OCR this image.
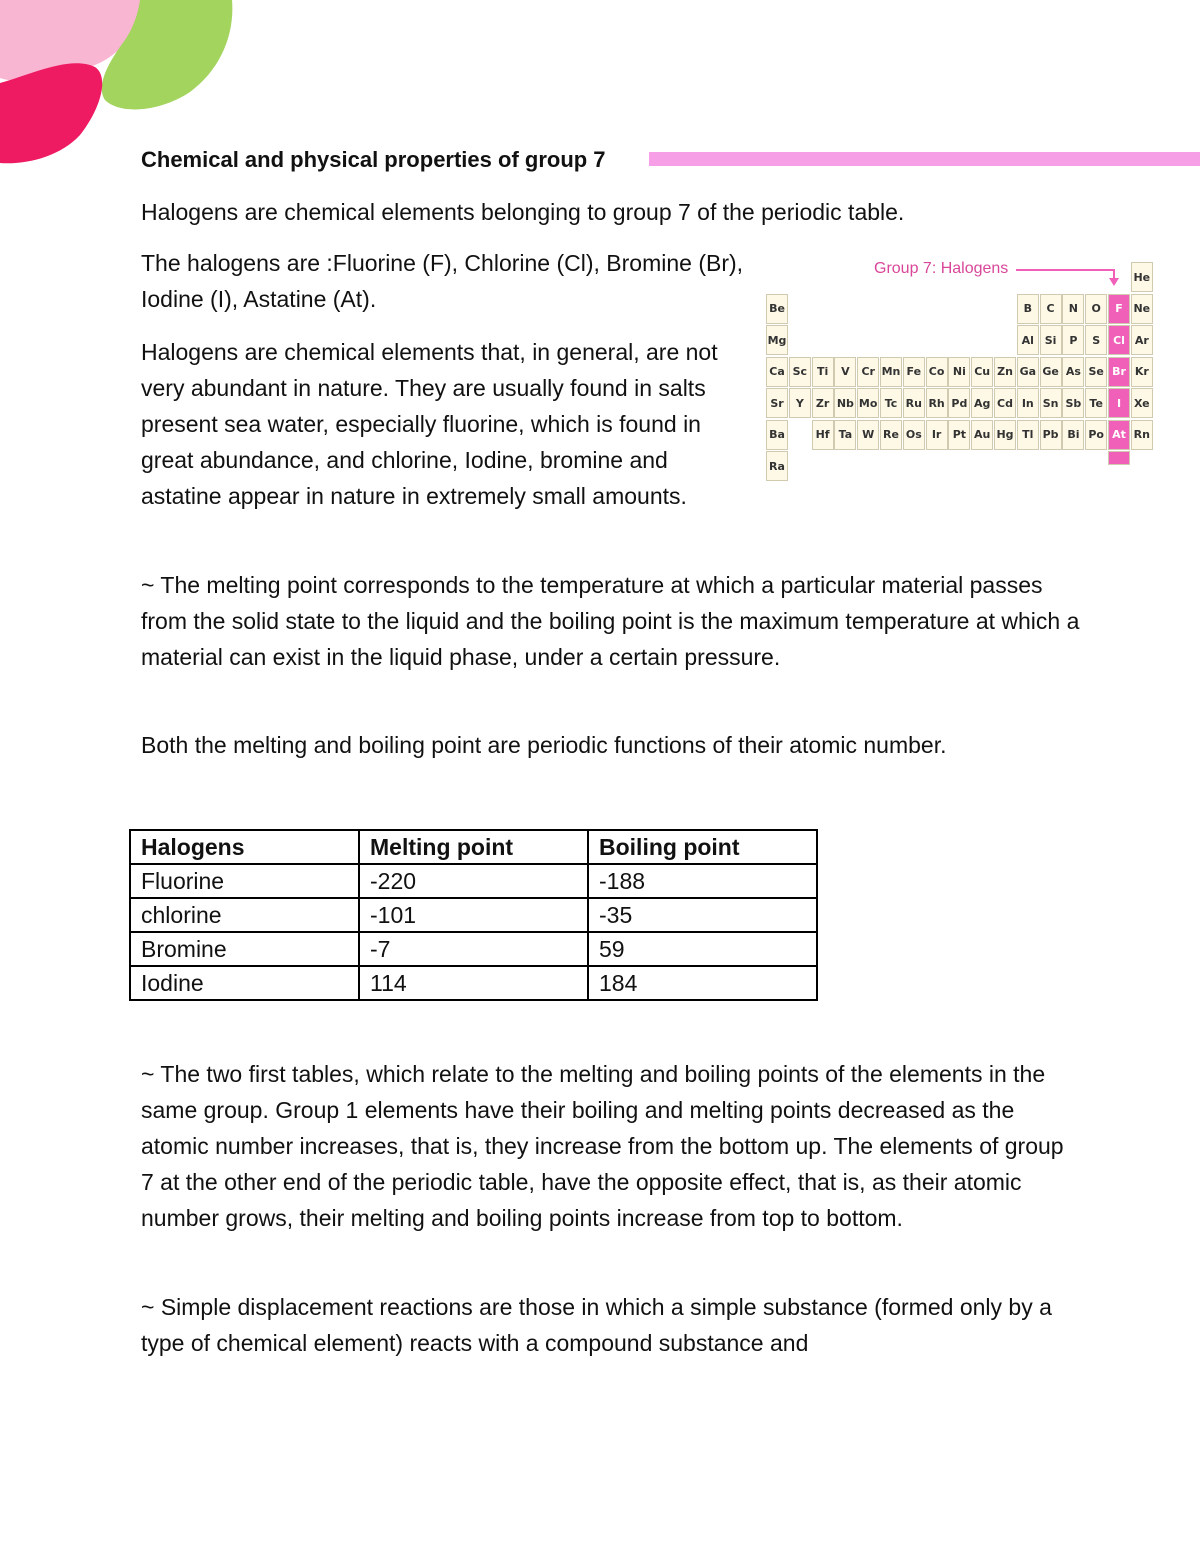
Chemical and physical properties of group 7

Halogens are chemical elements belonging to group 7 of the periodic table.

The halogens are :Fluorine (F), Chlorine (Cl), Bromine (Br), Iodine (I), Astatine (At).

Halogens are chemical elements that, in general, are not very abundant in nature. They are usually found in salts present sea water, especially fluorine, which is found in great abundance, and chlorine, Iodine, bromine and astatine appear in nature in extremely small amounts.

~ The melting point corresponds to the temperature at which a particular material passes from the solid state to the liquid and the boiling point is the maximum temperature at which a material can exist in the liquid phase, under a certain pressure.

Both the melting and boiling point are periodic functions of their atomic number.

Group 7: Halogens	He
Be	B	C	N	O	F Ne
Mg	Al Si	P	S	Cl Ar
Ca Sc Ti	V	Cr Mn Fe Co Ni Cu Zn Ga Ge As Se Br Kr
Sr	Y	Zr Nb Mo Tc Ru Rh Pd Ag Cd In Sn Sb Te	I	Xe
Ba	Hf Ta W Re Os Ir	Pt Au Hg Tl Pb Bi Po At Rn
Ra
Halogens	Melting point	Boiling point
Fluorine	-220	-188
chlorine	-101	-35
Bromine	-7	59
Iodine	114	184

~ The two first tables, which relate to the melting and boiling points of the elements in the same group. Group 1 elements have their boiling and melting points decreased as the atomic number increases, that is, they increase from the bottom up. The elements of group 7 at the other end of the periodic table, have the opposite effect, that is, as their atomic number grows, their melting and boiling points increase from top to bottom.

~ Simple displacement reactions are those in which a simple substance (formed only by a type of chemical element) reacts with a compound substance and
